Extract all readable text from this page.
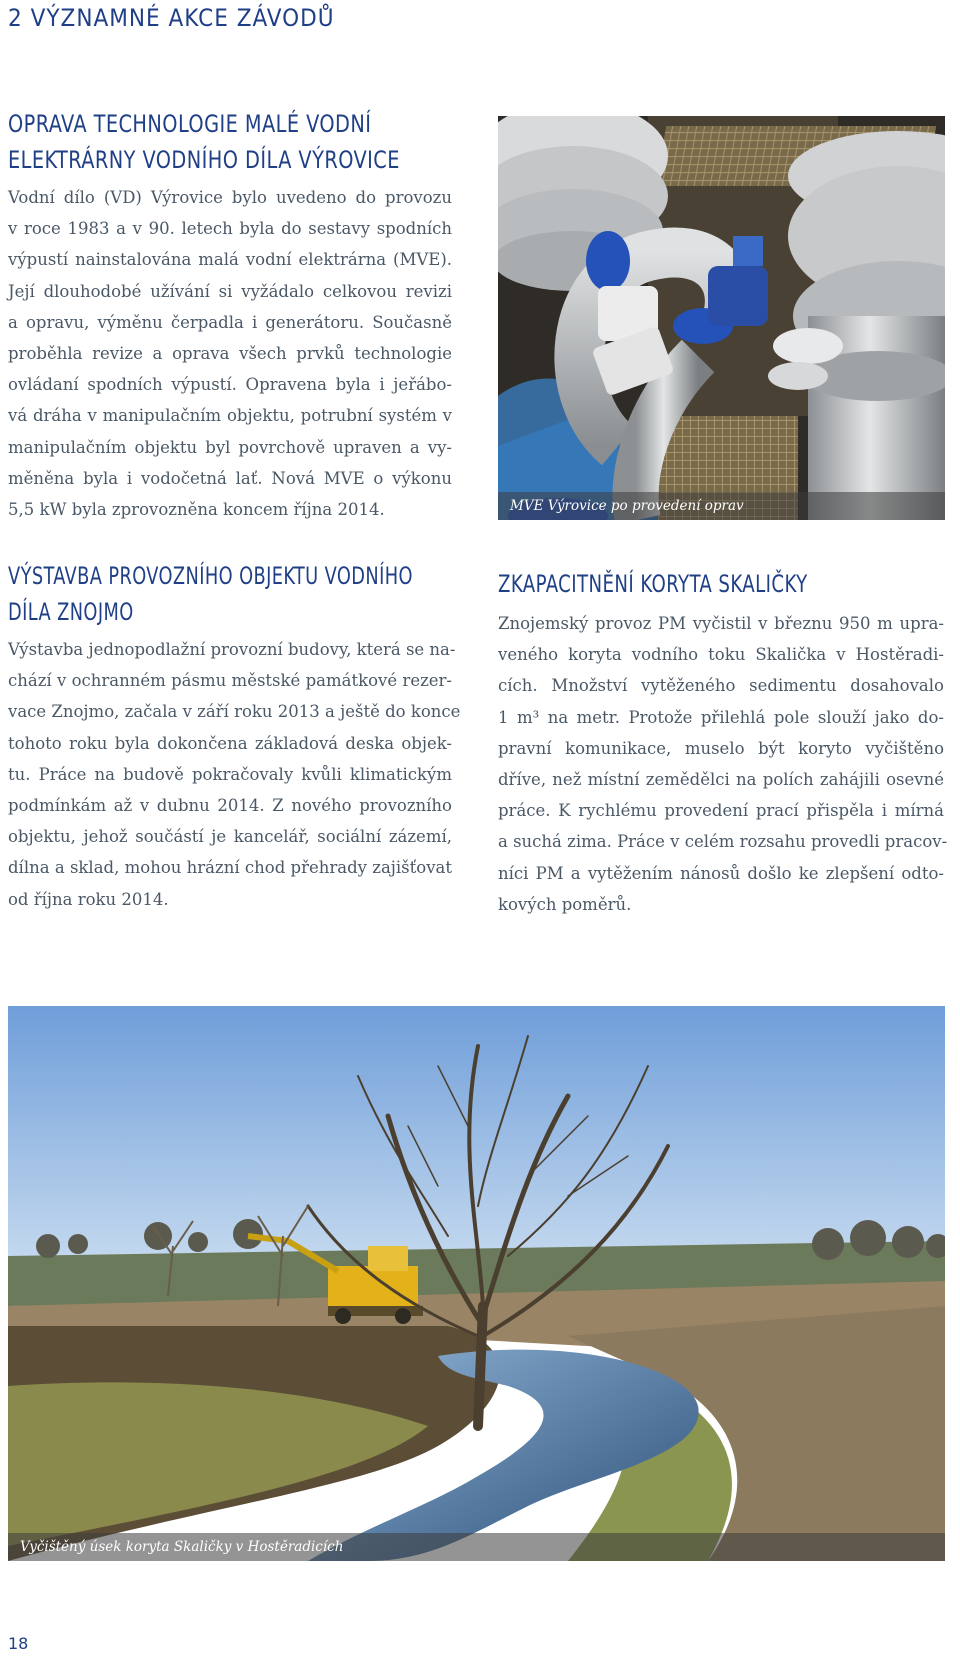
2 VÝZNAMNÉ AKCE ZÁVODŮ
OPRAVA TECHNOLOGIE MALÉ VODNÍ
ELEKTRÁRNY VODNÍHO DÍLA VÝROVICE
Vodní dílo (VD) Výrovice bylo uvedeno do provozu
v roce 1983 a v 90. letech byla do sestavy spodních
výpustí nainstalována malá vodní elektrárna (MVE).
Její dlouhodobé užívání si vyžádalo celkovou revizi
a opravu, výměnu čerpadla i generátoru. Současně
proběhla revize a oprava všech prvků technologie
ovládaní spodních výpustí. Opravena byla i jeřábo-
vá dráha v manipulačním objektu, potrubní systém v
manipulačním objektu byl povrchově upraven a vy-
měněna byla i vodočetná lať. Nová MVE o výkonu
5,5 kW byla zprovozněna koncem října 2014.	MVE Výrovice po provedení oprav
VÝSTAVBA PROVOZNÍHO OBJEKTU VODNÍHO
DÍLA ZNOJMO
Výstavba jednopodlažní provozní budovy, která se na-
chází v ochranném pásmu městské památkové rezer-
vace Znojmo, začala v září roku 2013 a ještě do konce
tohoto roku byla dokončena základová deska objek-
tu. Práce na budově pokračovaly kvůli klimatickým
podmínkám až v dubnu 2014. Z nového provozního
objektu, jehož součástí je kancelář, sociální zázemí,
dílna a sklad, mohou hrázní chod přehrady zajišťovat
od října roku 2014.
ZKAPACITNĚNÍ KORYTA SKALIČKY
Znojemský provoz PM vyčistil v březnu 950 m upra-
veného koryta vodního toku Skalička v Hostěradi-
cích. Množství vytěženého sedimentu dosahovalo
1 m³ na metr. Protože přilehlá pole slouží jako do-
pravní komunikace, muselo být koryto vyčištěno
dříve, než místní zemědělci na polích zahájili osevné
práce. K rychlému provedení prací přispěla i mírná
a suchá zima. Práce v celém rozsahu provedli pracov-
níci PM a vytěžením nánosů došlo ke zlepšení odto-
kových poměrů.
Vyčištěný úsek koryta Skaličky v Hostěradicích
18
